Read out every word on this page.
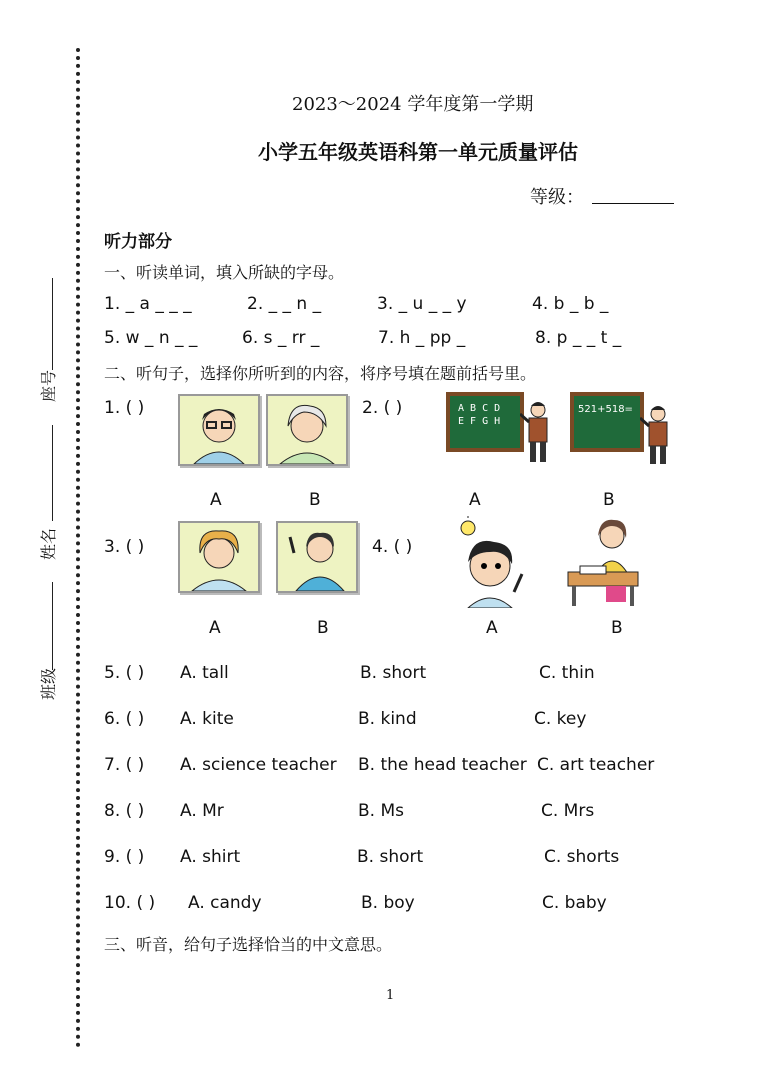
座号
姓名
班级
2023～2024 学年度第一学期
小学五年级英语科第一单元质量评估
等级：
听力部分
一、听读单词，填入所缺的字母。
1. _ a _ _ _	2. _ _ n _	3. _ u _ _ y	4. b _ b _
5. w _ n _ _	6. s _ rr _	7. h _ pp _	8. p _ _ t _
二、听句子，选择你所听到的内容，将序号填在题前括号里。
1. ( )	2. ( )	A B C D
E F G H
521+518=
A	B	A	B
3. ( )	4. ( )
A	B	A	B
5. ( ) A. tall	B. short	C. thin
6. ( ) A. kite	B. kind	C. key
7. ( ) A. science teacher B. the head teacher C. art teacher
8. ( ) A. Mr	B. Ms	C. Mrs
9. ( ) A. shirt	B. short	C. shorts
10. ( ) A. candy	B. boy	C. baby
三、听音，给句子选择恰当的中文意思。
1
